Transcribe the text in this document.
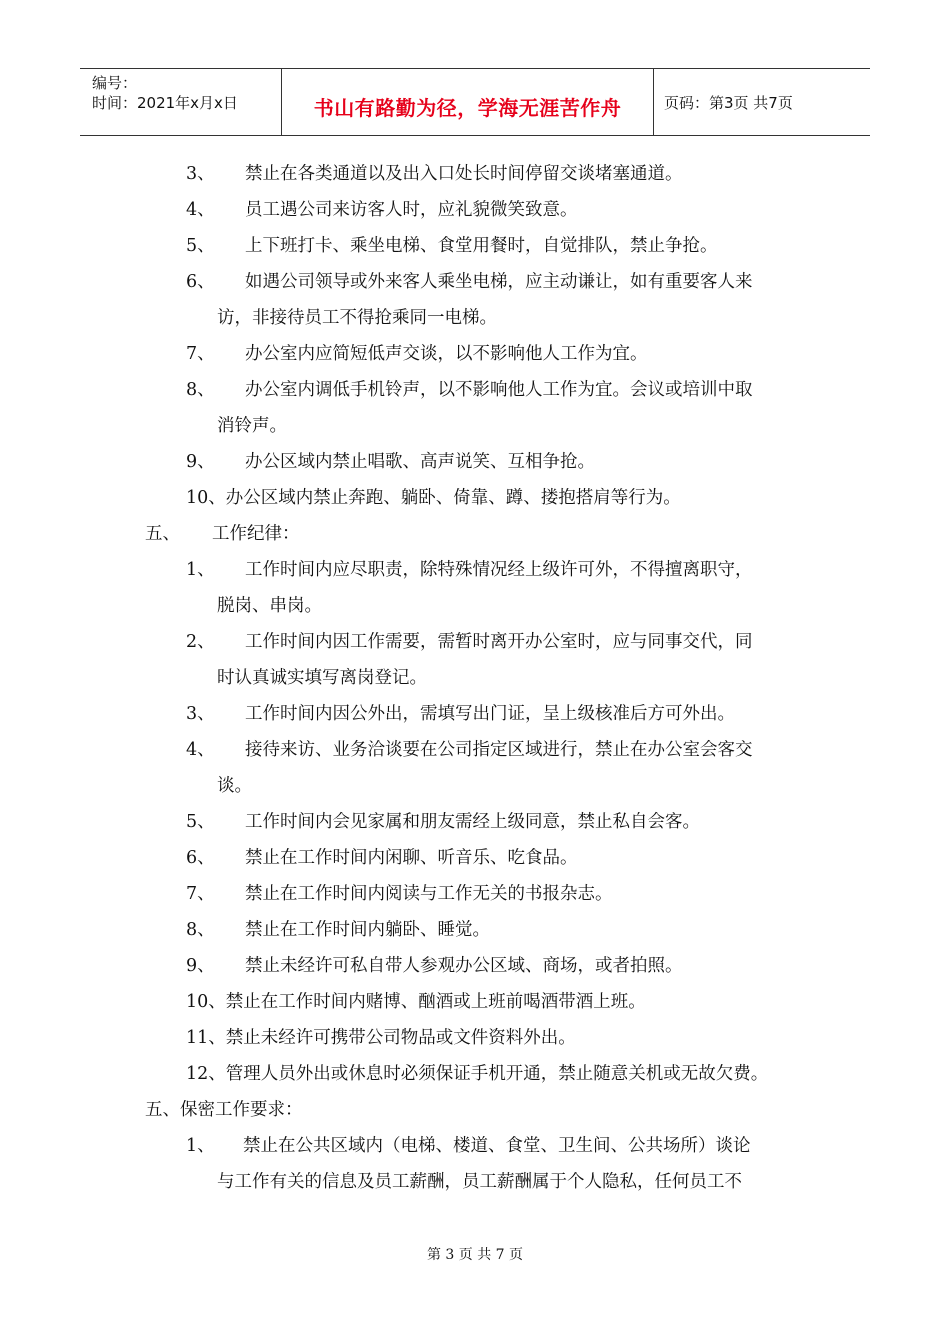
编号：
时间：2021年x月x日	书山有路勤为径，学海无涯苦作舟	页码：第3页 共7页
3、 禁止在各类通道以及出入口处长时间停留交谈堵塞通道。
4、 员工遇公司来访客人时，应礼貌微笑致意。
5、 上下班打卡、乘坐电梯、食堂用餐时，自觉排队，禁止争抢。
6、 如遇公司领导或外来客人乘坐电梯，应主动谦让，如有重要客人来
访，非接待员工不得抢乘同一电梯。
7、 办公室内应简短低声交谈，以不影响他人工作为宜。
8、 办公室内调低手机铃声，以不影响他人工作为宜。会议或培训中取
消铃声。
9、 办公区域内禁止唱歌、高声说笑、互相争抢。
10、办公区域内禁止奔跑、躺卧、倚靠、蹲、搂抱搭肩等行为。
五、 工作纪律：
1、 工作时间内应尽职责，除特殊情况经上级许可外，不得擅离职守，
脱岗、串岗。
2、 工作时间内因工作需要，需暂时离开办公室时，应与同事交代，同
时认真诚实填写离岗登记。
3、 工作时间内因公外出，需填写出门证，呈上级核准后方可外出。
4、 接待来访、业务洽谈要在公司指定区域进行，禁止在办公室会客交
谈。
5、 工作时间内会见家属和朋友需经上级同意，禁止私自会客。
6、 禁止在工作时间内闲聊、听音乐、吃食品。
7、 禁止在工作时间内阅读与工作无关的书报杂志。
8、 禁止在工作时间内躺卧、睡觉。
9、 禁止未经许可私自带人参观办公区域、商场，或者拍照。
10、禁止在工作时间内赌博、酗酒或上班前喝酒带酒上班。
11、禁止未经许可携带公司物品或文件资料外出。
12、管理人员外出或休息时必须保证手机开通，禁止随意关机或无故欠费。
五、保密工作要求：
1、 禁止在公共区域内（电梯、楼道、食堂、卫生间、公共场所）谈论
与工作有关的信息及员工薪酬，员工薪酬属于个人隐私，任何员工不
第 3 页 共 7 页
